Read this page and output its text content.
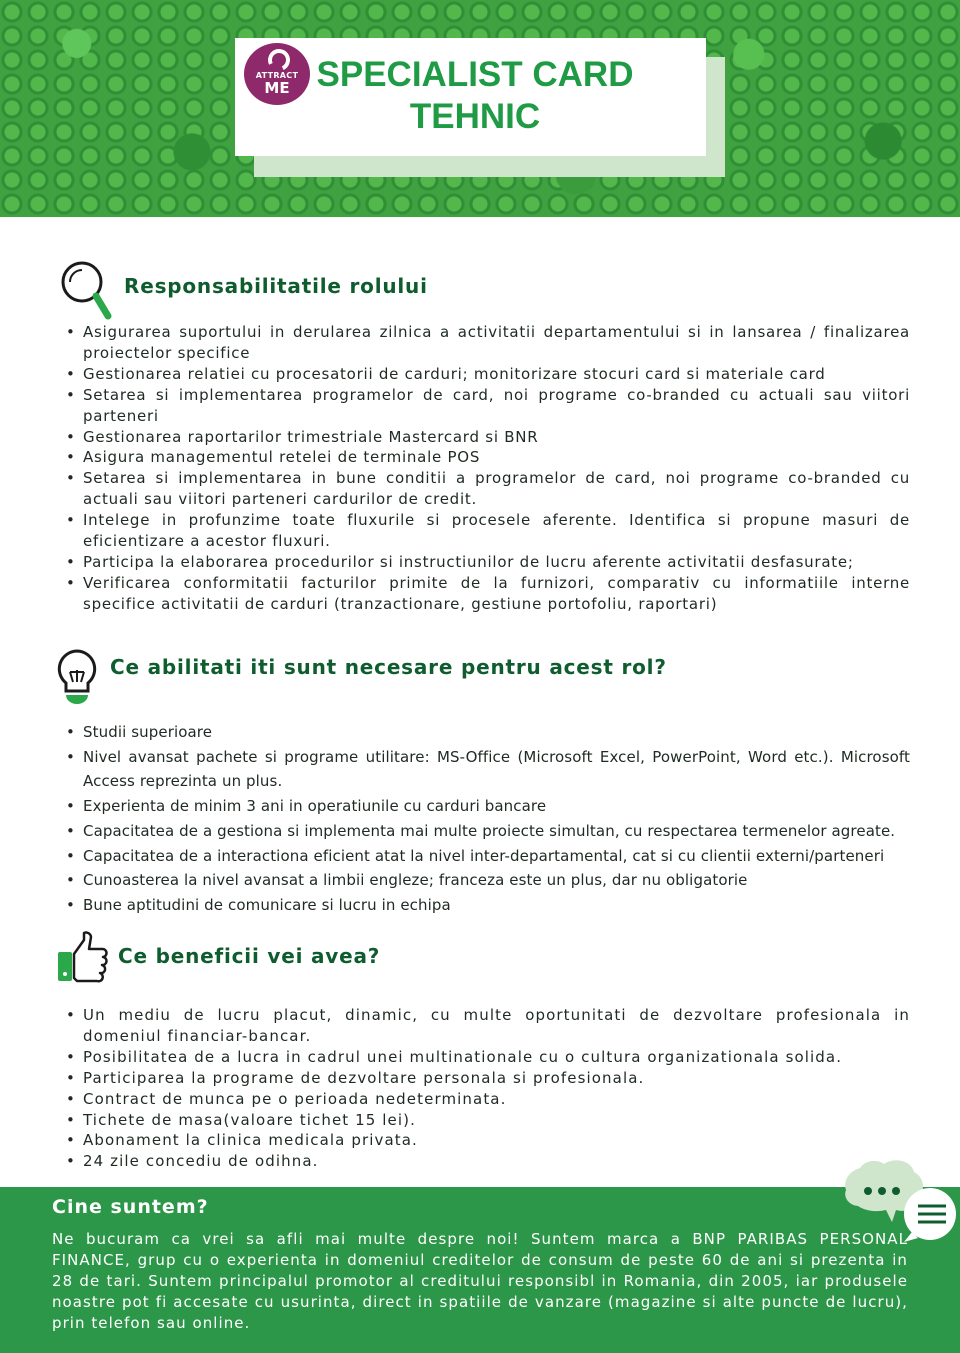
ATTRACT
ME SPECIALIST CARD
TEHNIC
Responsabilitatile rolului
• Asigurarea suportului in derularea zilnica a activitatii departamentului si in lansarea / finalizarea proiectelor specifice
• Gestionarea relatiei cu procesatorii de carduri; monitorizare stocuri card si materiale card
• Setarea si implementarea programelor de card, noi programe co-branded cu actuali sau viitori parteneri
• Gestionarea raportarilor trimestriale Mastercard si BNR
• Asigura managementul retelei de terminale POS
• Setarea si implementarea in bune conditii a programelor de card, noi programe co-branded cu actuali sau viitori parteneri cardurilor de credit.
• Intelege in profunzime toate fluxurile si procesele aferente. Identifica si propune masuri de eficientizare a acestor fluxuri.
• Participa la elaborarea procedurilor si instructiunilor de lucru aferente activitatii desfasurate;
• Verificarea conformitatii facturilor primite de la furnizori, comparativ cu informatiile interne specifice activitatii de carduri (tranzactionare, gestiune portofoliu, raportari)
Ce abilitati iti sunt necesare pentru acest rol?
• Studii superioare
• Nivel avansat pachete si programe utilitare: MS-Office (Microsoft Excel, PowerPoint, Word etc.). Microsoft Access reprezinta un plus.
• Experienta de minim 3 ani in operatiunile cu carduri bancare
• Capacitatea de a gestiona si implementa mai multe proiecte simultan, cu respectarea termenelor agreate.
• Capacitatea de a interactiona eficient atat la nivel inter-departamental, cat si cu clientii externi/parteneri
• Cunoasterea la nivel avansat a limbii engleze; franceza este un plus, dar nu obligatorie
• Bune aptitudini de comunicare si lucru in echipa
Ce beneficii vei avea?
• Un mediu de lucru placut, dinamic, cu multe oportunitati de dezvoltare profesionala in domeniul financiar-bancar.
• Posibilitatea de a lucra in cadrul unei multinationale cu o cultura organizationala solida.
• Participarea la programe de dezvoltare personala si profesionala.
• Contract de munca pe o perioada nedeterminata.
• Tichete de masa(valoare tichet 15 lei).
• Abonament la clinica medicala privata.
• 24 zile concediu de odihna.
Cine suntem?

Ne bucuram ca vrei sa afli mai multe despre noi! Suntem marca a BNP PARIBAS PERSONAL FINANCE, grup cu o experienta in domeniul creditelor de consum de peste 60 de ani si prezenta in 28 de tari. Suntem principalul promotor al creditului responsibl in Romania, din 2005, iar produsele noastre pot fi accesate cu usurinta, direct in spatiile de vanzare (magazine si alte puncte de lucru), prin telefon sau online.
